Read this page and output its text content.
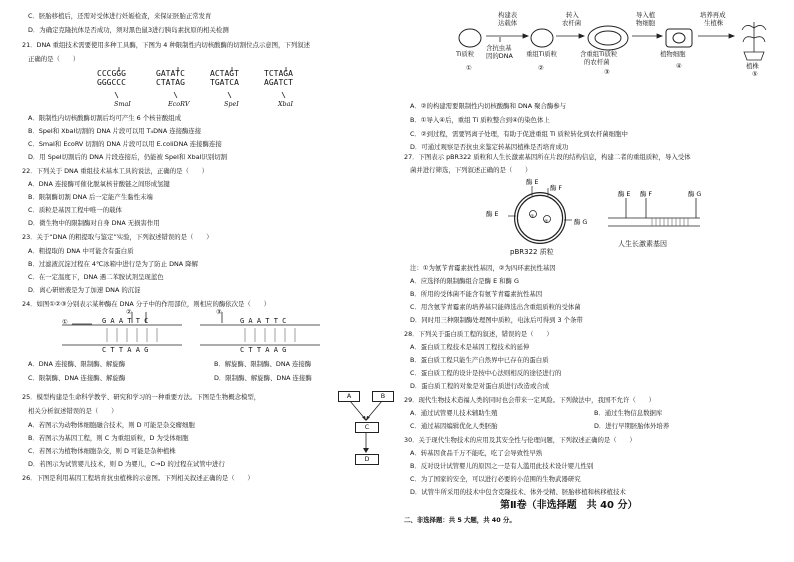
C．胚胎移植后，还需对受体进行妊娠检查，来保证胚胎正常发育
D．为确定克隆抗体是否成功，须对黑色鼠3进行胰岛素抗原的相关检测
21．DNA 重组技术需要使用多种工具酶，下图为 4 种限制性内切核酸酶的切割位点示意图，下列叙述
正确的是（　　）
CCCGGG
GGGCCC
SmaⅠ
GATATC
CTATAG
EcoRⅤ
ACTAGT
TGATCA
SpeⅠ
TCTAGA
AGATCT
XbaⅠ
A．限制性内切核酸酶切割后均可产生 6 个核苷酸组成
B．SpeⅠ和 XbaⅠ切割的 DNA 片段可以用 T₄DNA 连接酶连接
C．SmaⅠ和 EcoRV 切割的 DNA 片段可以用 E.coliDNA 连接酶连接
D．用 SpeⅠ切割后的 DNA 片段连接后，仍能被 SpeⅠ和 XbaⅠ识别切割
22．下列关于 DNA 重组技术基本工具的说法，正确的是（　　）
A．DNA 连接酶可催化脱氧核苷酸链之间形成氢键
B．限制酶切割 DNA 后一定能产生黏性末端
C．质粒是基因工程中唯一的载体
D．微生物中的限制酶对自身 DNA 无损害作用
23．关于“DNA 的粗提取与鉴定”实验，下列叙述错误的是（　　）
A．粗提取的 DNA 中可能含有蛋白质
B．过滤液沉淀过程在 4℃冰箱中进行是为了防止 DNA 降解
C．在一定温度下，DNA 遇二苯胺试剂呈现蓝色
D．离心研磨液是为了加速 DNA 的沉淀
24．如图①②③分别表示某种酶在 DNA 分子中的作用部位，则相应的酶依次是（　　）
①
②	③
G A A T T C
C T T A A G
G A A T T C
C T T A A G
A．DNA 连接酶、限制酶、解旋酶	B．解旋酶、限制酶、DNA 连接酶
C．限制酶、DNA 连接酶、解旋酶	D．限制酶、解旋酶、DNA 连接酶
25．模型构建是生命科学教学、研究和学习的一种重要方法。下图是生物概念模型，
相关分析叙述错误的是（　　）
A	B
C
D
A．若图示为动物体细胞融合技术，则 D 可能是杂交瘤细胞
B．若图示为基因工程，则 C 为重组质粒，D 为受体细胞
C．若图示为植物体细胞杂交，则 D 可能是杂种植株
D．若图示为试管婴儿技术，则 D 为婴儿，C→D 的过程在试管中进行
26．下图是利用基因工程培育抗虫植株的示意图。下列相关叙述正确的是（　　）
构建表
达载体
转入
农杆菌
导入植
物细胞
培养再成
生植株
Ti质粒
含抗虫基
因的DNA 重组Ti质粒	含重组Ti质粒
的农杆菌
植物细胞
植株
①	②	③
④
⑤
A．②的构建需要限制性内切核酸酶和 DNA 聚合酶参与
B．①导入④后，重组 Ti 质粒整合到④的染色体上
C．②到过程，需要钙离子处理，有助于促进重组 Ti 质粒转化到农杆菌细胞中
D．可通过观察是否抗虫来鉴定转基因植株是否培育成功
27．下图表示 pBR322 质粒和人生长激素基因所在片段的结构信息，构建二者的重组质粒，导入受体
菌并进行筛选，下列叙述正确的是（　　）
①
②
酶 E
酶 F
酶 E
酶 G
pBR322 质粒
酶 E 酶 F	酶 G
人生长激素基因
注：①为氨苄青霉素抗性基因，②为四环素抗性基因
A．应选择的限制酶组合是酶 E 和酶 G
B．所用的受体菌不能含有氨苄青霉素抗性基因
C．用含氨苄青霉素的培养基只能筛选出含重组质粒的受体菌
D．同时用三种限制酶处理图中质粒，电泳后可得到 3 个条带
28．下列关于蛋白质工程的叙述，错误的是（　　）
A．蛋白质工程技术是基因工程技术的延伸
B．蛋白质工程只能生产自然界中已存在的蛋白质
C．蛋白质工程的设计是按中心法则相反的途径进行的
D．蛋白质工程的对象是对蛋白质进行改造或合成
29．现代生物技术造福人类的同时也会带来一定风险。下列做法中，我国不允许（　　）
A．通过试管婴儿技术辅助生殖	B．通过生物信息数据库
C．通过基因编辑优化人类胚胎	D．进行早期胚胎体外培养
30．关于现代生物技术的应用及其安全性与伦理问题，下列叙述正确的是（　　）
A．转基因食品千万不能吃，吃了会导致性早熟
B．反对设计试管婴儿的原因之一是有人滥用此技术设计婴儿性别
C．为了国家的安全，可以进行必要的小范围的生物武器研究
D．试管牛所采用的技术中包含克隆技术、体外受精、胚胎移植和核移植技术
第Ⅱ卷（非选择题　共 40 分）
二、非选择题：共 5 大题，共 40 分。
